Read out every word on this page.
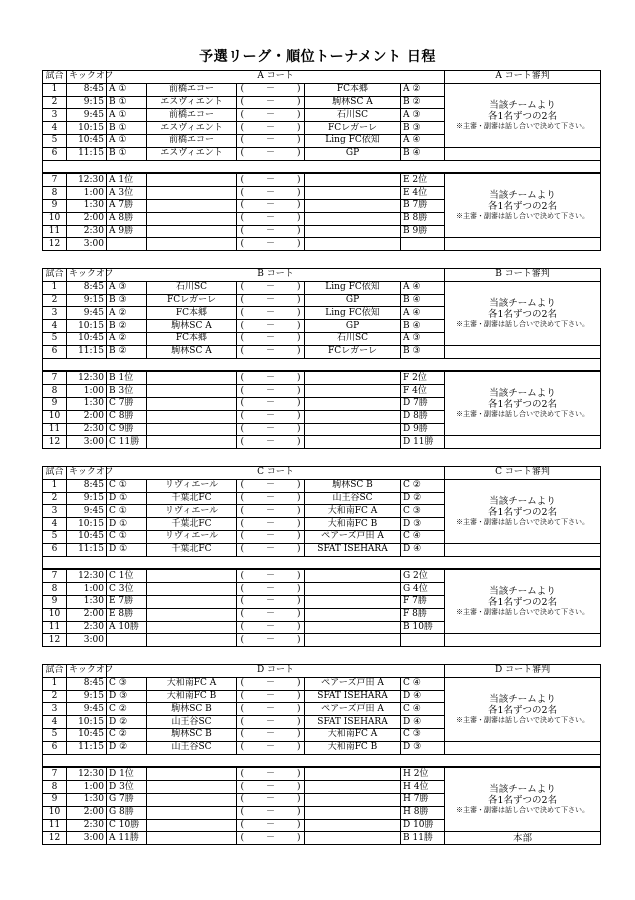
予選リーグ・順位トーナメント 日程
試合	キックオフ	A コート					A コート審判
1	8:45	A ①	前橋エコー	( － )	FC本郷	A ②	当該チームより
各1名ずつの2名
※主審・副審は話し合いで決めて下さい。

2	9:15	B ①	エスヴィエント	( － )	駒林SC A	B ②	
3	9:45	A ①	前橋エコー	( － )	石川SC	A ③	
4	10:15	B ①	エスヴィエント	( － )	FCレガーレ	B ③	
5	10:45	A ①	前橋エコー	( － )	Ling FC依知	A ④	
6	11:15	B ①	エスヴィエント	( － )	GP	B ④	

7	12:30	A 1位		( － )		E 2位	当該チームより
各1名ずつの2名
※主審・副審は話し合いで決めて下さい。

8	1:00	A 3位		( － )		E 4位	
9	1:30	A 7勝		( － )		B 7勝	
10	2:00	A 8勝		( － )		B 8勝	
11	2:30	A 9勝		( － )		B 9勝	
12	3:00			( － )			
試合	キックオフ	B コート					B コート審判
1	8:45	A ③	石川SC	( － )	Ling FC依知	A ④	当該チームより
各1名ずつの2名
※主審・副審は話し合いで決めて下さい。

2	9:15	B ③	FCレガーレ	( － )	GP	B ④	
3	9:45	A ②	FC本郷	( － )	Ling FC依知	A ④	
4	10:15	B ②	駒林SC A	( － )	GP	B ④	
5	10:45	A ②	FC本郷	( － )	石川SC	A ③	
6	11:15	B ②	駒林SC A	( － )	FCレガーレ	B ③	

7	12:30	B 1位		( － )		F 2位	当該チームより
各1名ずつの2名
※主審・副審は話し合いで決めて下さい。

8	1:00	B 3位		( － )		F 4位	
9	1:30	C 7勝		( － )		D 7勝	
10	2:00	C 8勝		( － )		D 8勝	
11	2:30	C 9勝		( － )		D 9勝	
12	3:00	C 11勝		( － )		D 11勝	
試合	キックオフ	C コート					C コート審判
1	8:45	C ①	リヴィエール	( － )	駒林SC B	C ②	当該チームより
各1名ずつの2名
※主審・副審は話し合いで決めて下さい。

2	9:15	D ①	千葉北FC	( － )	山王谷SC	D ②	
3	9:45	C ①	リヴィエール	( － )	大和南FC A	C ③	
4	10:15	D ①	千葉北FC	( － )	大和南FC B	D ③	
5	10:45	C ①	リヴィエール	( － )	ペアーズ戸田 A	C ④	
6	11:15	D ①	千葉北FC	( － )	SFAT ISEHARA	D ④	

7	12:30	C 1位		( － )		G 2位	当該チームより
各1名ずつの2名
※主審・副審は話し合いで決めて下さい。

8	1:00	C 3位		( － )		G 4位	
9	1:30	E 7勝		( － )		F 7勝	
10	2:00	E 8勝		( － )		F 8勝	
11	2:30	A 10勝		( － )		B 10勝	
12	3:00			( － )			
試合	キックオフ	D コート					D コート審判
1	8:45	C ③	大和南FC A	( － )	ペアーズ戸田 A	C ④	当該チームより
各1名ずつの2名
※主審・副審は話し合いで決めて下さい。

2	9:15	D ③	大和南FC B	( － )	SFAT ISEHARA	D ④	
3	9:45	C ②	駒林SC B	( － )	ペアーズ戸田 A	C ④	
4	10:15	D ②	山王谷SC	( － )	SFAT ISEHARA	D ④	
5	10:45	C ②	駒林SC B	( － )	大和南FC A	C ③	
6	11:15	D ②	山王谷SC	( － )	大和南FC B	D ③	

7	12:30	D 1位		( － )		H 2位	当該チームより
各1名ずつの2名
※主審・副審は話し合いで決めて下さい。

8	1:00	D 3位		( － )		H 4位	
9	1:30	G 7勝		( － )		H 7勝	
10	2:00	G 8勝		( － )		H 8勝	
11	2:30	C 10勝		( － )		D 10勝	
12	3:00	A 11勝		( － )		B 11勝	本部
